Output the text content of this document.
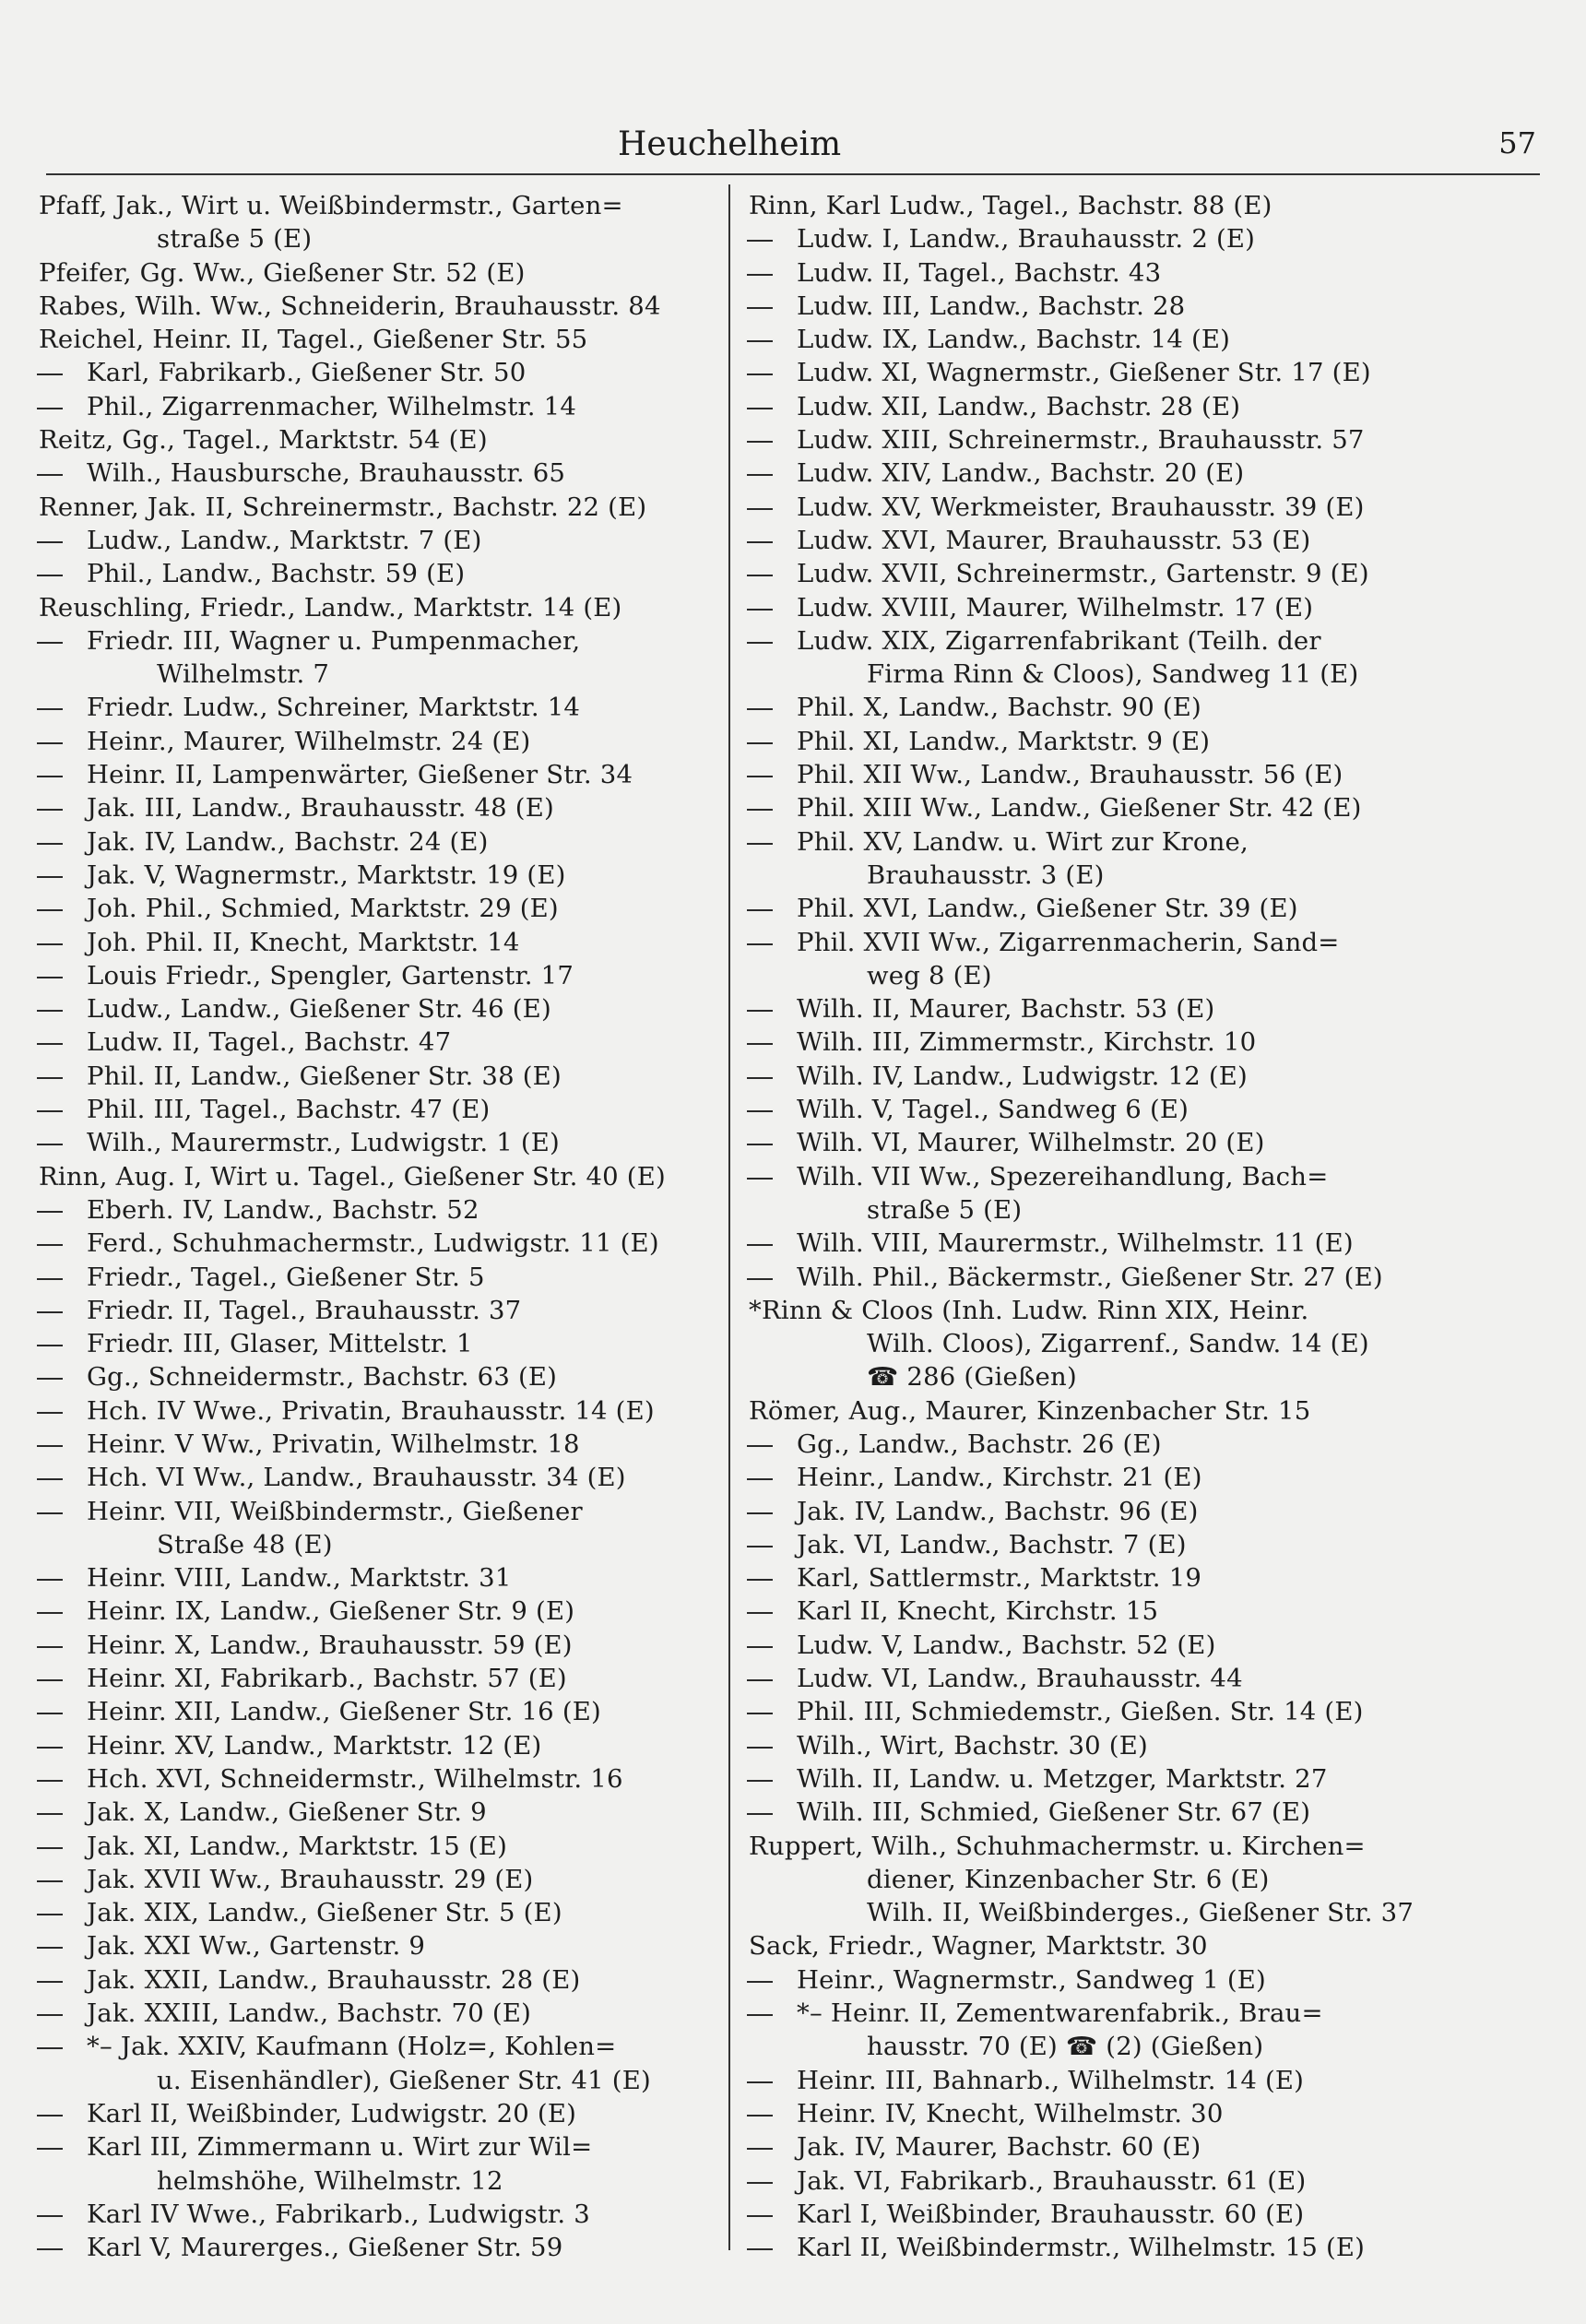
Heuchelheim	57
Pfaff, Jak., Wirt u. Weißbindermstr., Garten=
straße 5 (E)
Pfeifer, Gg. Ww., Gießener Str. 52 (E)
Rabes, Wilh. Ww., Schneiderin, Brauhausstr. 84
Reichel, Heinr. II, Tagel., Gießener Str. 55
Karl, Fabrikarb., Gießener Str. 50
Phil., Zigarrenmacher, Wilhelmstr. 14
Reitz, Gg., Tagel., Marktstr. 54 (E)
Wilh., Hausbursche, Brauhausstr. 65
Renner, Jak. II, Schreinermstr., Bachstr. 22 (E)
Ludw., Landw., Marktstr. 7 (E)
Phil., Landw., Bachstr. 59 (E)
Reuschling, Friedr., Landw., Marktstr. 14 (E)
Friedr. III, Wagner u. Pumpenmacher,
Wilhelmstr. 7
Friedr. Ludw., Schreiner, Marktstr. 14
Heinr., Maurer, Wilhelmstr. 24 (E)
Heinr. II, Lampenwärter, Gießener Str. 34
Jak. III, Landw., Brauhausstr. 48 (E)
Jak. IV, Landw., Bachstr. 24 (E)
Jak. V, Wagnermstr., Marktstr. 19 (E)
Joh. Phil., Schmied, Marktstr. 29 (E)
Joh. Phil. II, Knecht, Marktstr. 14
Louis Friedr., Spengler, Gartenstr. 17
Ludw., Landw., Gießener Str. 46 (E)
Ludw. II, Tagel., Bachstr. 47
Phil. II, Landw., Gießener Str. 38 (E)
Phil. III, Tagel., Bachstr. 47 (E)
Wilh., Maurermstr., Ludwigstr. 1 (E)
Rinn, Aug. I, Wirt u. Tagel., Gießener Str. 40 (E)
Eberh. IV, Landw., Bachstr. 52
Ferd., Schuhmachermstr., Ludwigstr. 11 (E)
Friedr., Tagel., Gießener Str. 5
Friedr. II, Tagel., Brauhausstr. 37
Friedr. III, Glaser, Mittelstr. 1
Gg., Schneidermstr., Bachstr. 63 (E)
Hch. IV Wwe., Privatin, Brauhausstr. 14 (E)
Heinr. V Ww., Privatin, Wilhelmstr. 18
Hch. VI Ww., Landw., Brauhausstr. 34 (E)
Heinr. VII, Weißbindermstr., Gießener
Straße 48 (E)
Heinr. VIII, Landw., Marktstr. 31
Heinr. IX, Landw., Gießener Str. 9 (E)
Heinr. X, Landw., Brauhausstr. 59 (E)
Heinr. XI, Fabrikarb., Bachstr. 57 (E)
Heinr. XII, Landw., Gießener Str. 16 (E)
Heinr. XV, Landw., Marktstr. 12 (E)
Hch. XVI, Schneidermstr., Wilhelmstr. 16
Jak. X, Landw., Gießener Str. 9
Jak. XI, Landw., Marktstr. 15 (E)
Jak. XVII Ww., Brauhausstr. 29 (E)
Jak. XIX, Landw., Gießener Str. 5 (E)
Jak. XXI Ww., Gartenstr. 9
Jak. XXII, Landw., Brauhausstr. 28 (E)
Jak. XXIII, Landw., Bachstr. 70 (E)
*– Jak. XXIV, Kaufmann (Holz=, Kohlen=
u. Eisenhändler), Gießener Str. 41 (E)
Karl II, Weißbinder, Ludwigstr. 20 (E)
Karl III, Zimmermann u. Wirt zur Wil=
helmshöhe, Wilhelmstr. 12
Karl IV Wwe., Fabrikarb., Ludwigstr. 3
Karl V, Maurerges., Gießener Str. 59
Rinn, Karl Ludw., Tagel., Bachstr. 88 (E)
Ludw. I, Landw., Brauhausstr. 2 (E)
Ludw. II, Tagel., Bachstr. 43
Ludw. III, Landw., Bachstr. 28
Ludw. IX, Landw., Bachstr. 14 (E)
Ludw. XI, Wagnermstr., Gießener Str. 17 (E)
Ludw. XII, Landw., Bachstr. 28 (E)
Ludw. XIII, Schreinermstr., Brauhausstr. 57
Ludw. XIV, Landw., Bachstr. 20 (E)
Ludw. XV, Werkmeister, Brauhausstr. 39 (E)
Ludw. XVI, Maurer, Brauhausstr. 53 (E)
Ludw. XVII, Schreinermstr., Gartenstr. 9 (E)
Ludw. XVIII, Maurer, Wilhelmstr. 17 (E)
Ludw. XIX, Zigarrenfabrikant (Teilh. der
Firma Rinn & Cloos), Sandweg 11 (E)
Phil. X, Landw., Bachstr. 90 (E)
Phil. XI, Landw., Marktstr. 9 (E)
Phil. XII Ww., Landw., Brauhausstr. 56 (E)
Phil. XIII Ww., Landw., Gießener Str. 42 (E)
Phil. XV, Landw. u. Wirt zur Krone,
Brauhausstr. 3 (E)
Phil. XVI, Landw., Gießener Str. 39 (E)
Phil. XVII Ww., Zigarrenmacherin, Sand=
weg 8 (E)
Wilh. II, Maurer, Bachstr. 53 (E)
Wilh. III, Zimmermstr., Kirchstr. 10
Wilh. IV, Landw., Ludwigstr. 12 (E)
Wilh. V, Tagel., Sandweg 6 (E)
Wilh. VI, Maurer, Wilhelmstr. 20 (E)
Wilh. VII Ww., Spezereihandlung, Bach=
straße 5 (E)
Wilh. VIII, Maurermstr., Wilhelmstr. 11 (E)
Wilh. Phil., Bäckermstr., Gießener Str. 27 (E)
*Rinn & Cloos (Inh. Ludw. Rinn XIX, Heinr.
Wilh. Cloos), Zigarrenf., Sandw. 14 (E)
☎ 286 (Gießen)
Römer, Aug., Maurer, Kinzenbacher Str. 15
Gg., Landw., Bachstr. 26 (E)
Heinr., Landw., Kirchstr. 21 (E)
Jak. IV, Landw., Bachstr. 96 (E)
Jak. VI, Landw., Bachstr. 7 (E)
Karl, Sattlermstr., Marktstr. 19
Karl II, Knecht, Kirchstr. 15
Ludw. V, Landw., Bachstr. 52 (E)
Ludw. VI, Landw., Brauhausstr. 44
Phil. III, Schmiedemstr., Gießen. Str. 14 (E)
Wilh., Wirt, Bachstr. 30 (E)
Wilh. II, Landw. u. Metzger, Marktstr. 27
Wilh. III, Schmied, Gießener Str. 67 (E)
Ruppert, Wilh., Schuhmachermstr. u. Kirchen=
diener, Kinzenbacher Str. 6 (E)
Wilh. II, Weißbinderges., Gießener Str. 37
Sack, Friedr., Wagner, Marktstr. 30
Heinr., Wagnermstr., Sandweg 1 (E)
*– Heinr. II, Zementwarenfabrik., Brau=
hausstr. 70 (E) ☎ (2) (Gießen)
Heinr. III, Bahnarb., Wilhelmstr. 14 (E)
Heinr. IV, Knecht, Wilhelmstr. 30
Jak. IV, Maurer, Bachstr. 60 (E)
Jak. VI, Fabrikarb., Brauhausstr. 61 (E)
Karl I, Weißbinder, Brauhausstr. 60 (E)
Karl II, Weißbindermstr., Wilhelmstr. 15 (E)
